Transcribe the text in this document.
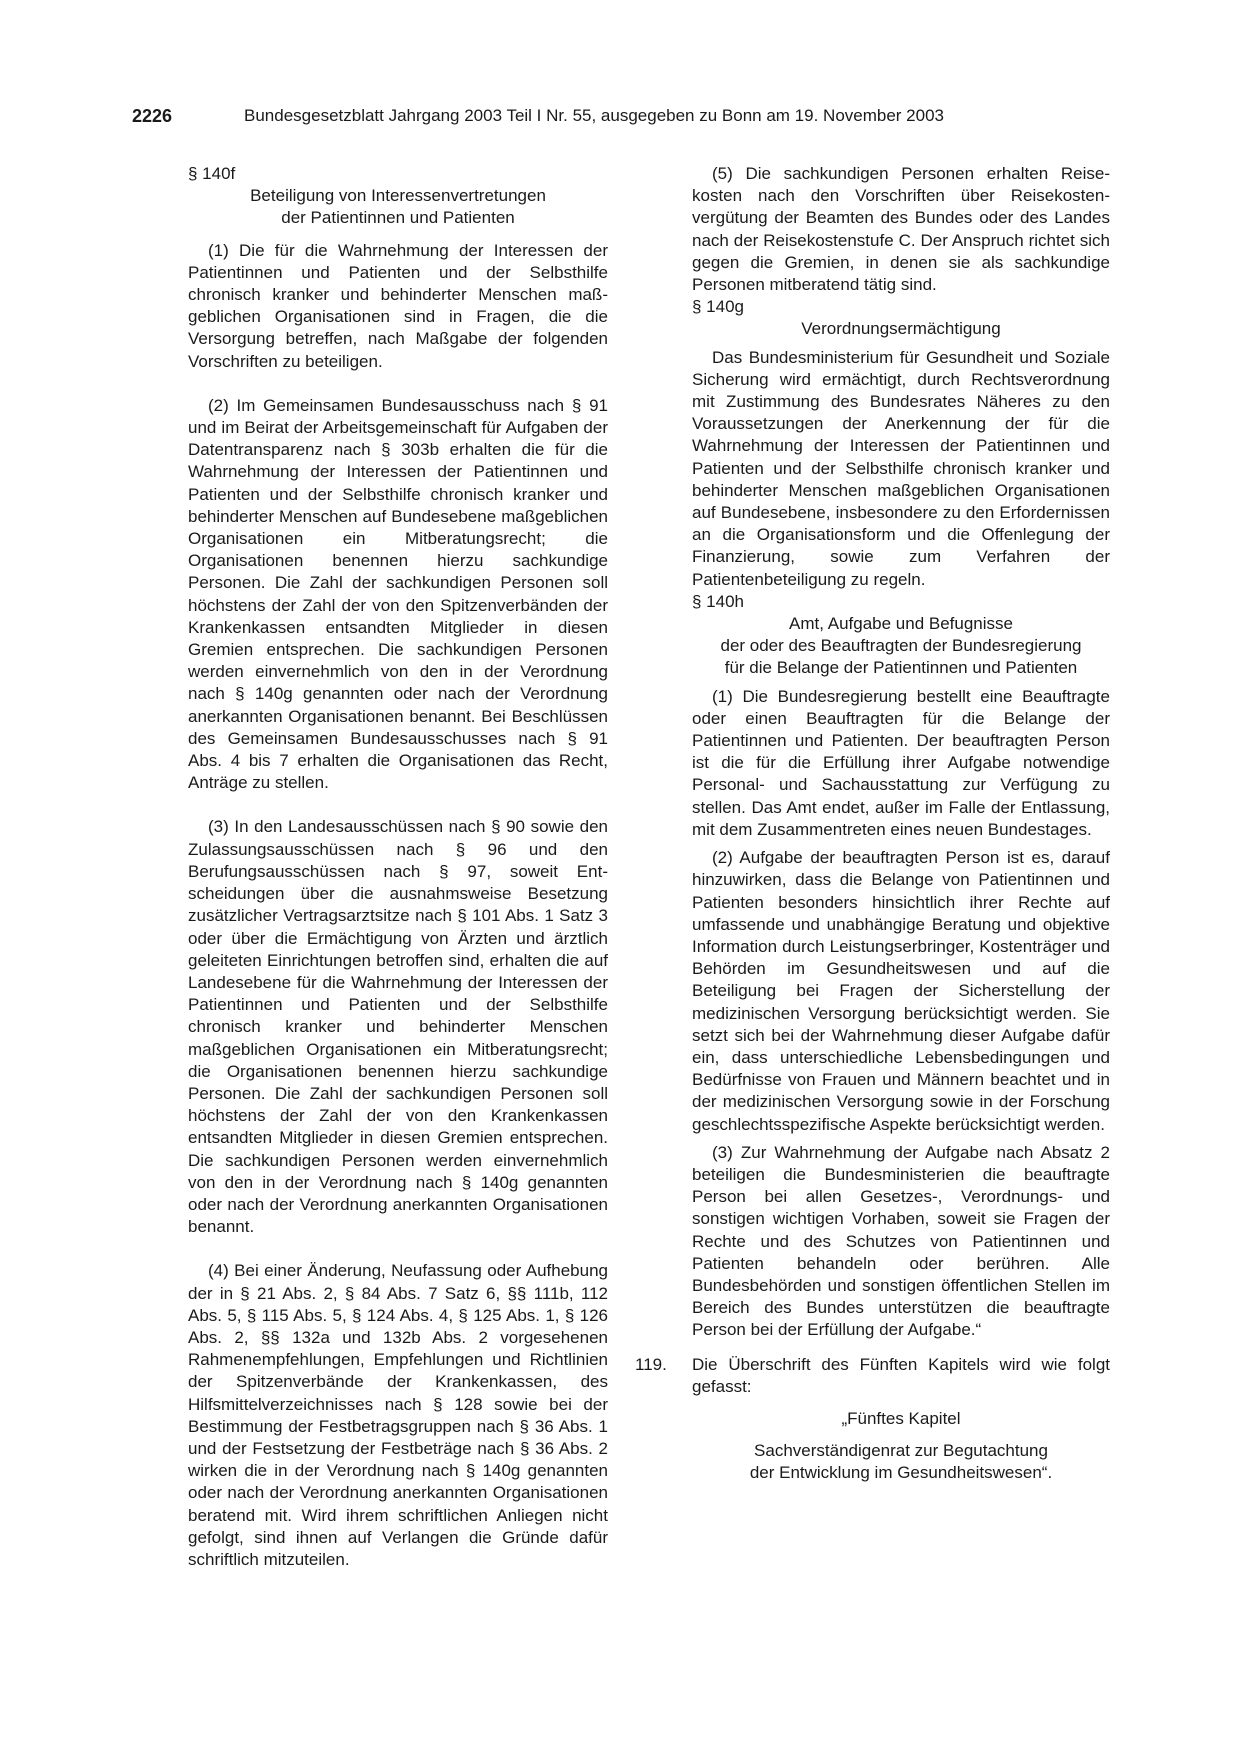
2226	Bundesgesetzblatt Jahrgang 2003 Teil I Nr. 55, ausgegeben zu Bonn am 19. November 2003

§ 140f

Beteiligung von Interessenvertretungen
der Patientinnen und Patienten

(1) Die für die Wahrnehmung der Interessen der Patientinnen und Patienten und der Selbsthilfe chronisch kranker und behinderter Menschen maßgeblichen Organisationen sind in Fragen, die die Versorgung betreffen, nach Maßgabe der folgenden Vorschriften zu beteiligen.

(2) Im Gemeinsamen Bundesausschuss nach § 91 und im Beirat der Arbeitsgemeinschaft für Aufgaben der Datentransparenz nach § 303b erhalten die für die Wahrnehmung der Interessen der Patientinnen und Patienten und der Selbsthilfe chronisch kranker und behinderter Menschen auf Bundesebene maßgeblichen Organisationen ein Mitberatungsrecht; die Organisationen benennen hierzu sachkundige Personen. Die Zahl der sachkundigen Personen soll höchstens der Zahl der von den Spitzenverbänden der Krankenkassen entsandten Mitglieder in diesen Gremien entsprechen. Die sachkundigen Personen werden einvernehmlich von den in der Verordnung nach § 140g genannten oder nach der Verordnung anerkannten Organisationen benannt. Bei Beschlüssen des Gemeinsamen Bundesausschusses nach § 91 Abs. 4 bis 7 erhalten die Organisationen das Recht, Anträge zu stellen.

(3) In den Landesausschüssen nach § 90 sowie den Zulassungsausschüssen nach § 96 und den Berufungsausschüssen nach § 97, soweit Entscheidungen über die ausnahmsweise Besetzung zusätzlicher Vertragsarztsitze nach § 101 Abs. 1 Satz 3 oder über die Ermächtigung von Ärzten und ärztlich geleiteten Einrichtungen betroffen sind, erhalten die auf Landesebene für die Wahrnehmung der Interessen der Patientinnen und Patienten und der Selbsthilfe chronisch kranker und behinderter Menschen maßgeblichen Organisationen ein Mitberatungsrecht; die Organisationen benennen hierzu sachkundige Personen. Die Zahl der sachkundigen Personen soll höchstens der Zahl der von den Krankenkassen entsandten Mitglieder in diesen Gremien entsprechen. Die sachkundigen Personen werden einvernehmlich von den in der Verordnung nach § 140g genannten oder nach der Verordnung anerkannten Organisationen benannt.

(4) Bei einer Änderung, Neufassung oder Aufhebung der in § 21 Abs. 2, § 84 Abs. 7 Satz 6, §§ 111b, 112 Abs. 5, § 115 Abs. 5, § 124 Abs. 4, § 125 Abs. 1, § 126 Abs. 2, §§ 132a und 132b Abs. 2 vorgesehenen Rahmenempfehlungen, Empfehlungen und Richtlinien der Spitzenverbände der Krankenkassen, des Hilfsmittelverzeichnisses nach § 128 sowie bei der Bestimmung der Festbetragsgruppen nach § 36 Abs. 1 und der Festsetzung der Festbeträge nach § 36 Abs. 2 wirken die in der Verordnung nach § 140g genannten oder nach der Verordnung anerkannten Organisationen beratend mit. Wird ihrem schriftlichen Anliegen nicht gefolgt, sind ihnen auf Verlangen die Gründe dafür schriftlich mitzuteilen.

(5) Die sachkundigen Personen erhalten Reisekosten nach den Vorschriften über Reisekostenvergütung der Beamten des Bundes oder des Landes nach der Reisekostenstufe C. Der Anspruch richtet sich gegen die Gremien, in denen sie als sachkundige Personen mitberatend tätig sind.

§ 140g

Verordnungsermächtigung

Das Bundesministerium für Gesundheit und Soziale Sicherung wird ermächtigt, durch Rechtsverordnung mit Zustimmung des Bundesrates Näheres zu den Voraussetzungen der Anerkennung der für die Wahrnehmung der Interessen der Patientinnen und Patienten und der Selbsthilfe chronisch kranker und behinderter Menschen maßgeblichen Organisationen auf Bundesebene, insbesondere zu den Erfordernissen an die Organisationsform und die Offenlegung der Finanzierung, sowie zum Verfahren der Patientenbeteiligung zu regeln.

§ 140h

Amt, Aufgabe und Befugnisse
der oder des Beauftragten der Bundesregierung
für die Belange der Patientinnen und Patienten

(1) Die Bundesregierung bestellt eine Beauftragte oder einen Beauftragten für die Belange der Patientinnen und Patienten. Der beauftragten Person ist die für die Erfüllung ihrer Aufgabe notwendige Personal- und Sachausstattung zur Verfügung zu stellen. Das Amt endet, außer im Falle der Entlassung, mit dem Zusammentreten eines neuen Bundestages.

(2) Aufgabe der beauftragten Person ist es, darauf hinzuwirken, dass die Belange von Patientinnen und Patienten besonders hinsichtlich ihrer Rechte auf umfassende und unabhängige Beratung und objektive Information durch Leistungserbringer, Kostenträger und Behörden im Gesundheitswesen und auf die Beteiligung bei Fragen der Sicherstellung der medizinischen Versorgung berücksichtigt werden. Sie setzt sich bei der Wahrnehmung dieser Aufgabe dafür ein, dass unterschiedliche Lebensbedingungen und Bedürfnisse von Frauen und Männern beachtet und in der medizinischen Versorgung sowie in der Forschung geschlechtsspezifische Aspekte berücksichtigt werden.

(3) Zur Wahrnehmung der Aufgabe nach Absatz 2 beteiligen die Bundesministerien die beauftragte Person bei allen Gesetzes-, Verordnungs- und sonstigen wichtigen Vorhaben, soweit sie Fragen der Rechte und des Schutzes von Patientinnen und Patienten behandeln oder berühren. Alle Bundesbehörden und sonstigen öffentlichen Stellen im Bereich des Bundes unterstützen die beauftragte Person bei der Erfüllung der Aufgabe.“

119. Die Überschrift des Fünften Kapitels wird wie folgt gefasst:

„Fünftes Kapitel
Sachverständigenrat zur Begutachtung
der Entwicklung im Gesundheitswesen“.
